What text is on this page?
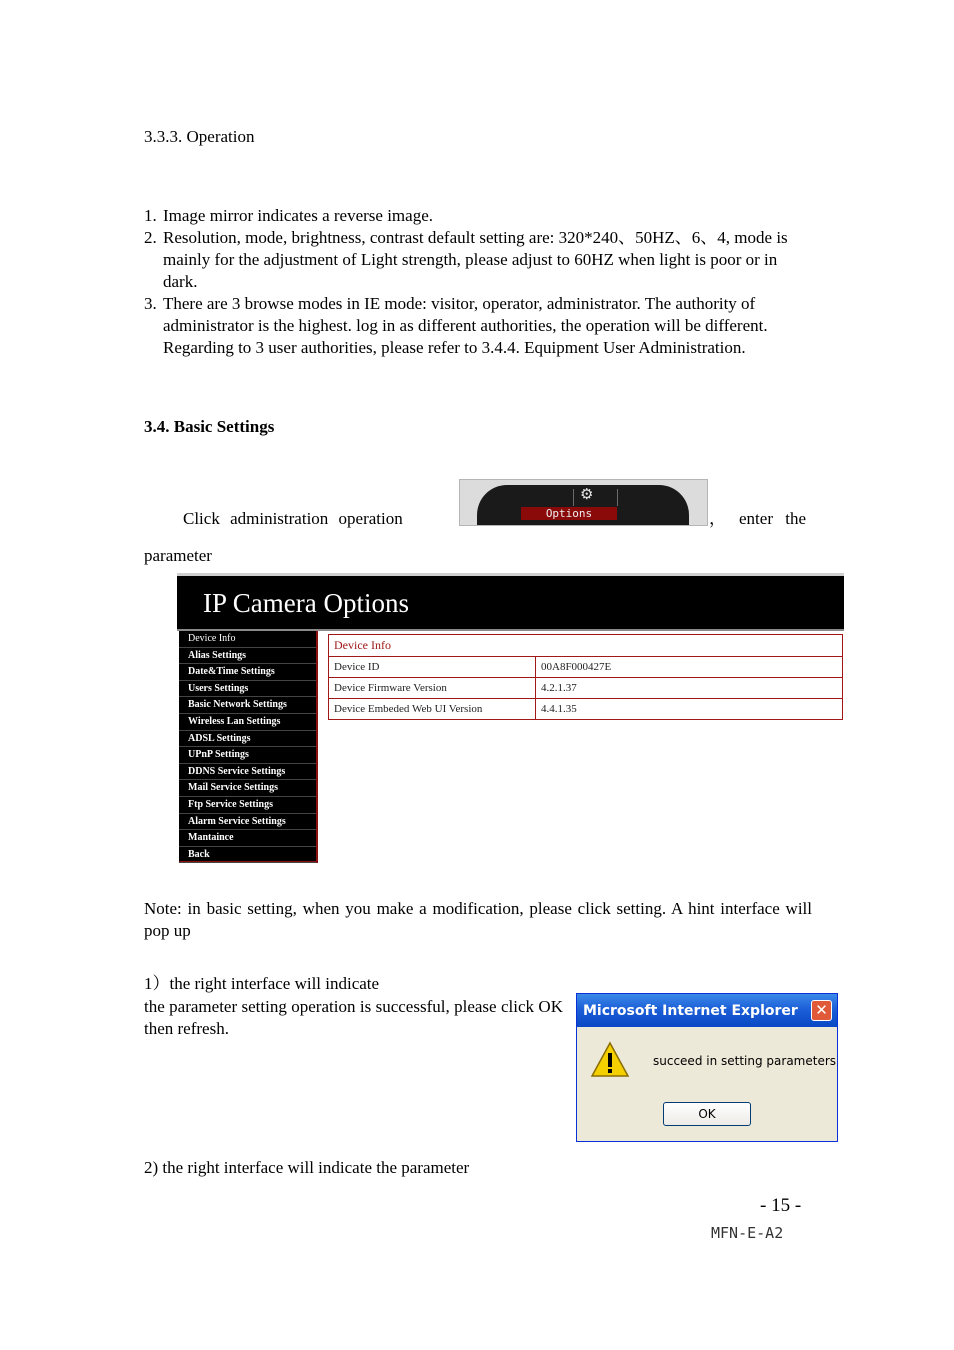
3.3.3. Operation
1. Image mirror indicates a reverse image.
2. Resolution, mode, brightness, contrast default setting are: 320*240、50HZ、6、4, mode is mainly for the adjustment of Light strength, please adjust to 60HZ when light is poor or in dark.
3. There are 3 browse modes in IE mode: visitor, operator, administrator. The authority of administrator is the highest. log in as different authorities, the operation will be different. Regarding to 3 user authorities, please refer to 3.4.4. Equipment User Administration.
3.4. Basic Settings
Click administration operation	， enter the
⚙
Options
parameter
IP Camera Options
Device Info
Alias Settings
Date&Time Settings
Users Settings
Basic Network Settings
Wireless Lan Settings
ADSL Settings
UPnP Settings
DDNS Service Settings
Mail Service Settings
Ftp Service Settings
Alarm Service Settings
Mantaince
Back
Device Info
Device ID	00A8F000427E
Device Firmware Version	4.2.1.37
Device Embeded Web UI Version	4.4.1.35
Note: in basic setting, when you make a modification, please click setting. A hint interface will pop up
1）the right interface will indicate
the parameter setting operation is successful, please click OK then refresh.
Microsoft Internet Explorer ✕
succeed in setting parameters
OK
2) the right interface will indicate the parameter
- 15 -
MFN-E-A2
